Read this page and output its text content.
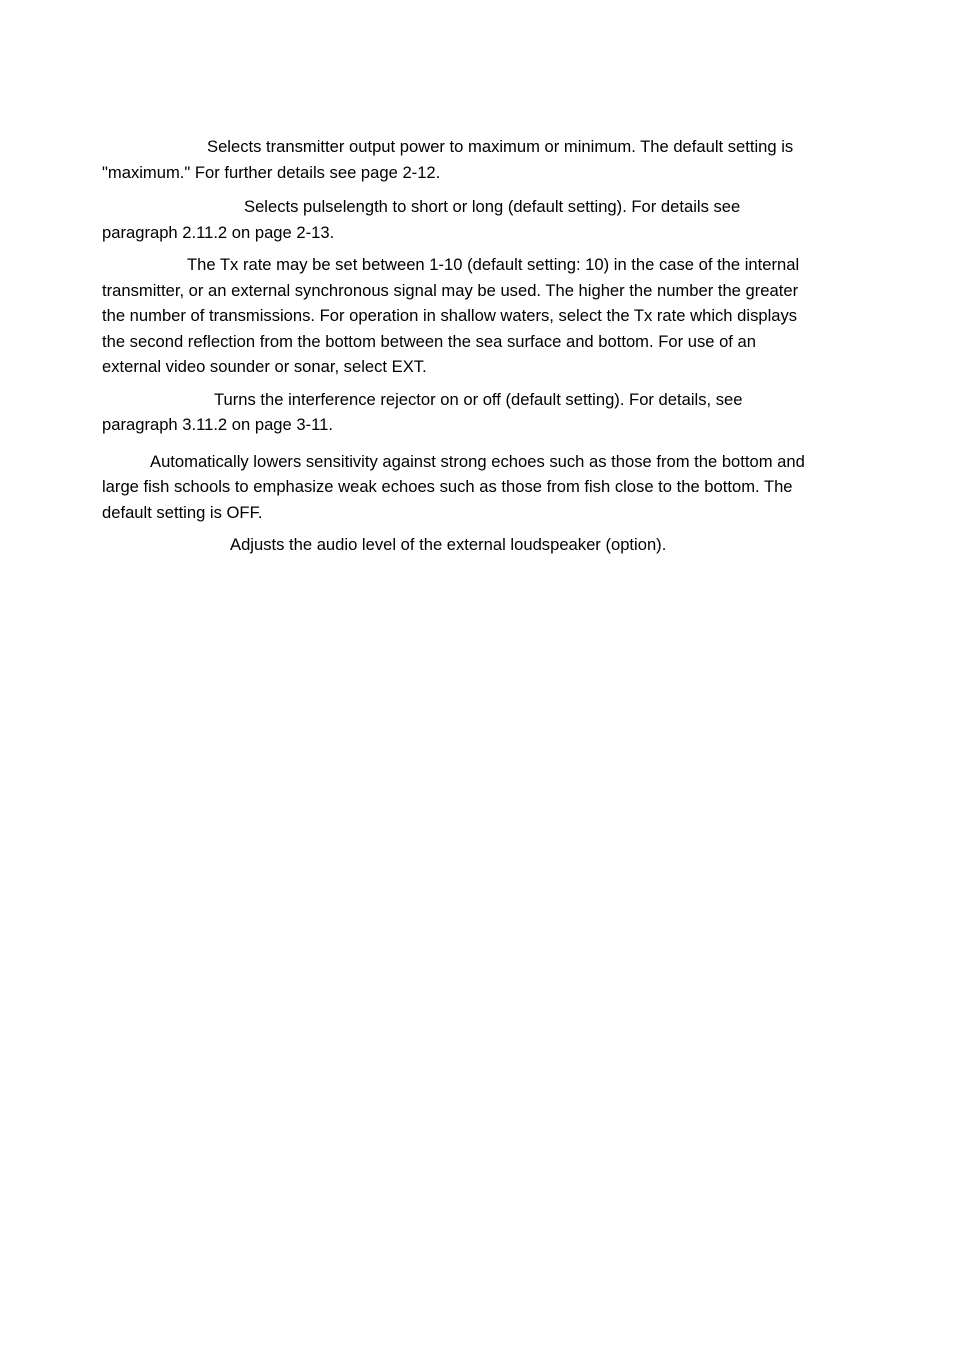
Selects transmitter output power to maximum or minimum. The default setting is
"maximum." For further details see page 2-12.

Selects pulselength to short or long (default setting). For details see
paragraph 2.11.2 on page 2-13.

The Tx rate may be set between 1-10 (default setting: 10) in the case of the internal
transmitter, or an external synchronous signal may be used. The higher the number the greater
the number of transmissions. For operation in shallow waters, select the Tx rate which displays
the second reflection from the bottom between the sea surface and bottom. For use of an
external video sounder or sonar, select EXT.

Turns the interference rejector on or off (default setting). For details, see
paragraph 3.11.2 on page 3-11.

Automatically lowers sensitivity against strong echoes such as those from the bottom and
large fish schools to emphasize weak echoes such as those from fish close to the bottom. The
default setting is OFF.

Adjusts the audio level of the external loudspeaker (option).
